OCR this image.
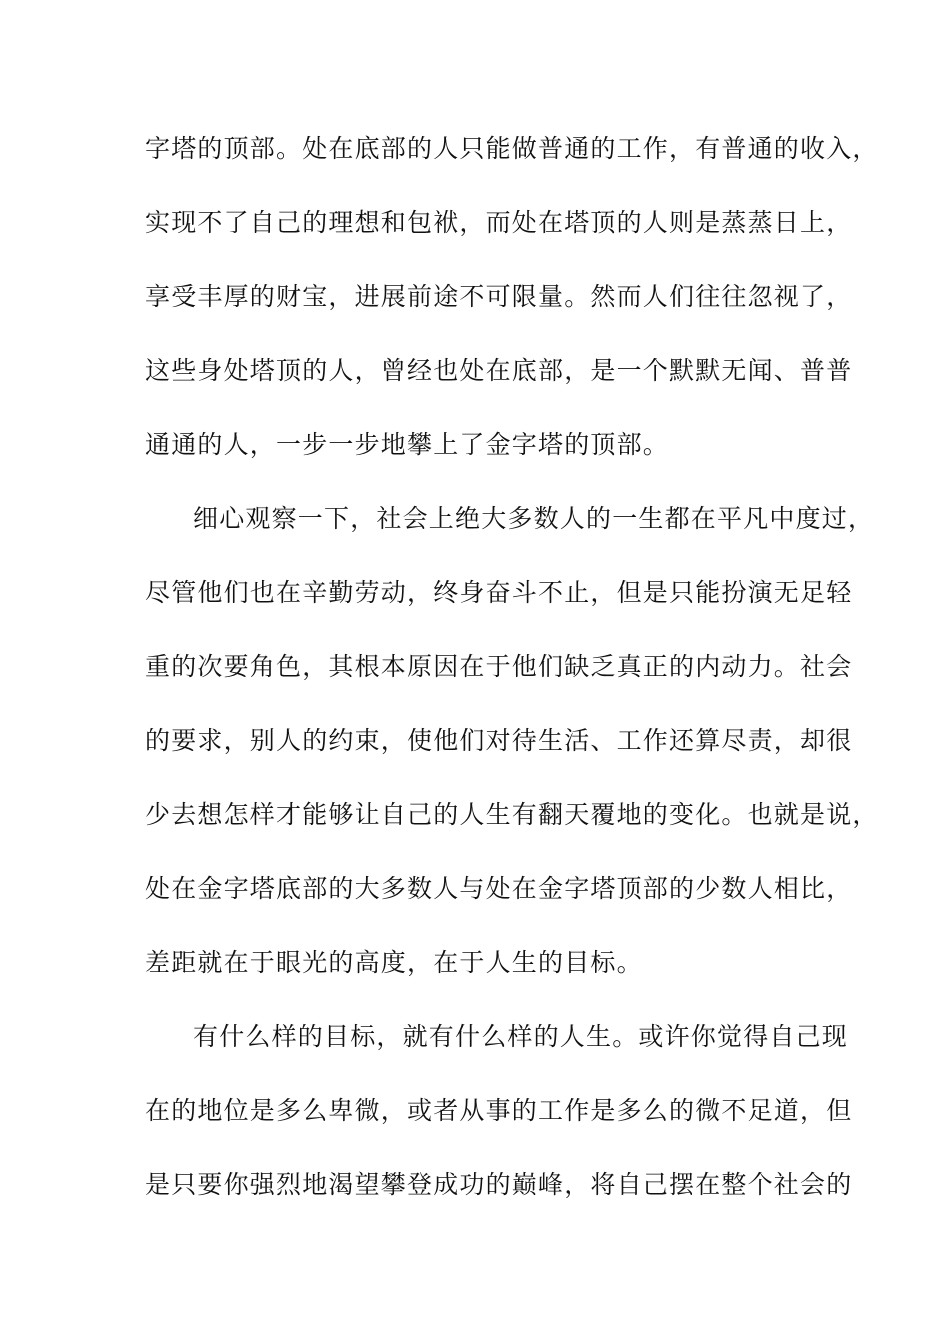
字塔的顶部。处在底部的人只能做普通的工作，有普通的收入，
实现不了自己的理想和包袱，而处在塔顶的人则是蒸蒸日上，
享受丰厚的财宝，进展前途不可限量。然而人们往往忽视了，
这些身处塔顶的人，曾经也处在底部，是一个默默无闻、普普
通通的人，一步一步地攀上了金字塔的顶部。
细心观察一下，社会上绝大多数人的一生都在平凡中度过，
尽管他们也在辛勤劳动，终身奋斗不止，但是只能扮演无足轻
重的次要角色，其根本原因在于他们缺乏真正的内动力。社会
的要求，别人的约束，使他们对待生活、工作还算尽责，却很
少去想怎样才能够让自己的人生有翻天覆地的变化。也就是说，
处在金字塔底部的大多数人与处在金字塔顶部的少数人相比，
差距就在于眼光的高度，在于人生的目标。
有什么样的目标，就有什么样的人生。或许你觉得自己现
在的地位是多么卑微，或者从事的工作是多么的微不足道，但
是只要你强烈地渴望攀登成功的巅峰，将自己摆在整个社会的
